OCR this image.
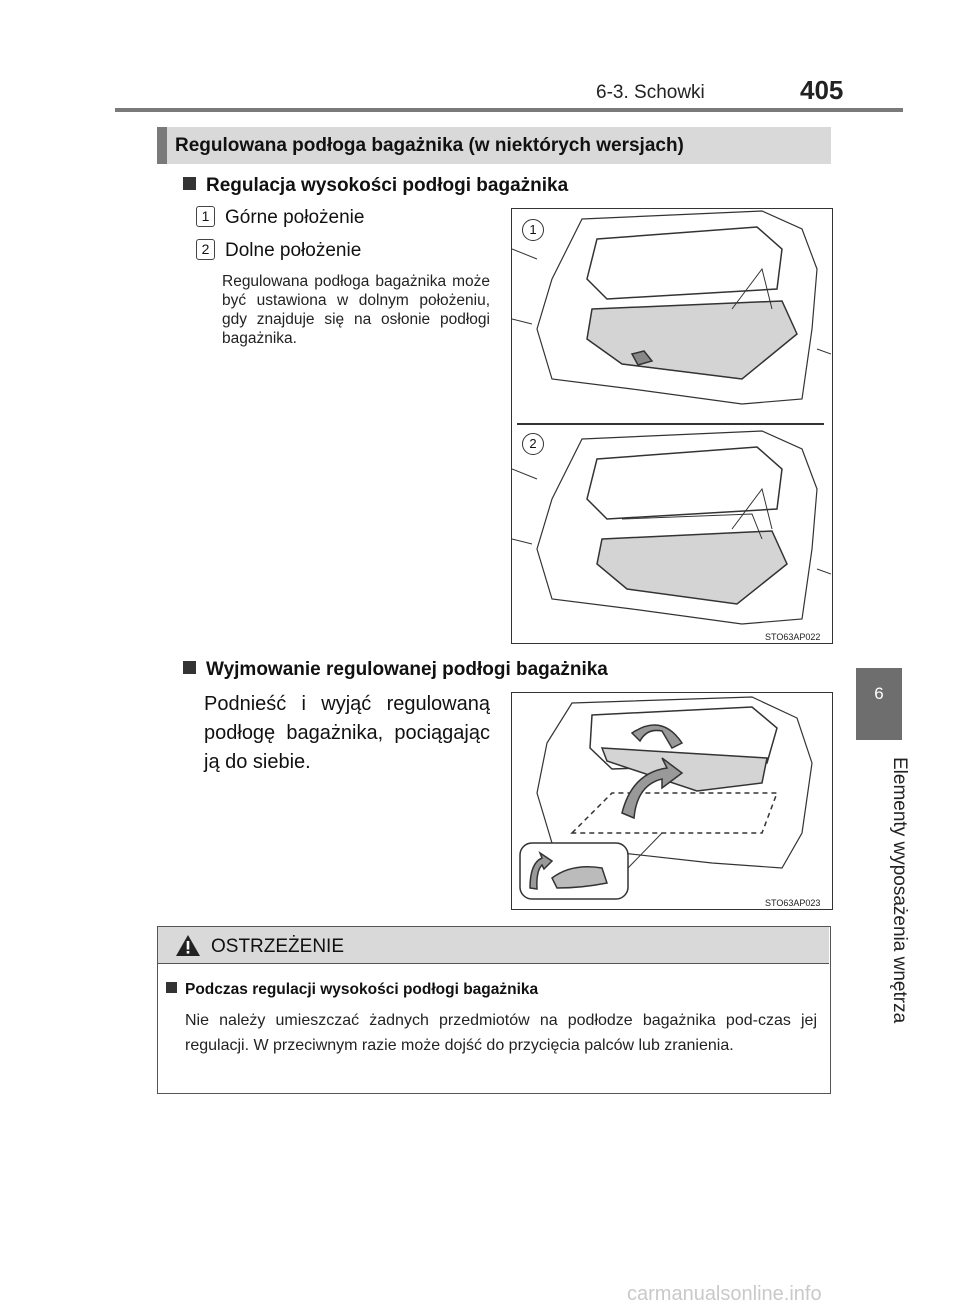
6-3. Schowki	405
6
Elementy wyposażenia wnętrza
Regulowana podłoga bagażnika (w niektórych wersjach)
Regulacja wysokości podłogi bagażnika
1 Górne położenie
2 Dolne położenie
Regulowana podłoga bagażnika może być ustawiona w dolnym położeniu, gdy znajduje się na osłonie podłogi bagażnika.
1
2
STO63AP022
Wyjmowanie regulowanej podłogi bagażnika
Podnieść i wyjąć regulowaną podłogę bagażnika, pociągając ją do siebie.
STO63AP023
OSTRZEŻENIE
Podczas regulacji wysokości podłogi bagażnika
Nie należy umieszczać żadnych przedmiotów na podłodze bagażnika pod-czas jej regulacji. W przeciwnym razie może dojść do przycięcia palców lub zranienia.
carmanualsonline.info
